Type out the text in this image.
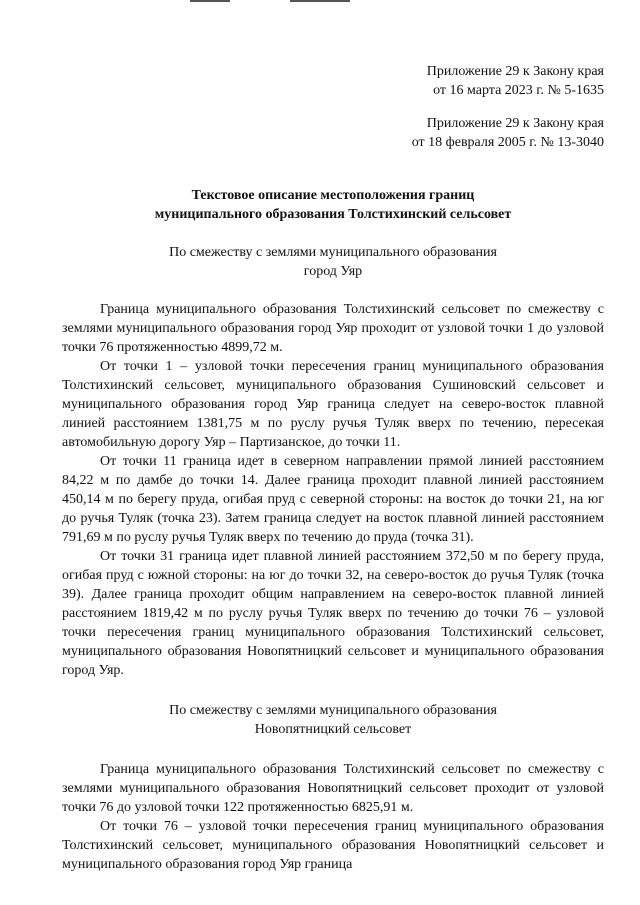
Приложение 29 к Закону края
от 16 марта 2023 г. № 5-1635
Приложение 29 к Закону края
от 18 февраля 2005 г. № 13-3040
Текстовое описание местоположения границ
муниципального образования Толстихинский сельсовет
По смежеству с землями муниципального образования
город Уяр

Граница муниципального образования Толстихинский сельсовет по смежеству с землями муниципального образования город Уяр проходит от узловой точки 1 до узловой точки 76 протяженностью 4899,72 м.

От точки 1 – узловой точки пересечения границ муниципального образования Толстихинский сельсовет, муниципального образования Сушиновский сельсовет и муниципального образования город Уяр граница следует на северо-восток плавной линией расстоянием 1381,75 м по руслу ручья Туляк вверх по течению, пересекая автомобильную дорогу Уяр – Партизанское, до точки 11.

От точки 11 граница идет в северном направлении прямой линией расстоянием 84,22 м по дамбе до точки 14. Далее граница проходит плавной линией расстоянием 450,14 м по берегу пруда, огибая пруд с северной стороны: на восток до точки 21, на юг до ручья Туляк (точка 23). Затем граница следует на восток плавной линией расстоянием 791,69 м по руслу ручья Туляк вверх по течению до пруда (точка 31).

От точки 31 граница идет плавной линией расстоянием 372,50 м по берегу пруда, огибая пруд с южной стороны: на юг до точки 32, на северо-восток до ручья Туляк (точка 39). Далее граница проходит общим направлением на северо-восток плавной линией расстоянием 1819,42 м по руслу ручья Туляк вверх по течению до точки 76 – узловой точки пересечения границ муниципального образования Толстихинский сельсовет, муниципального образования Новопятницкий сельсовет и муниципального образования город Уяр.

По смежеству с землями муниципального образования
Новопятницкий сельсовет

Граница муниципального образования Толстихинский сельсовет по смежеству с землями муниципального образования Новопятницкий сельсовет проходит от узловой точки 76 до узловой точки 122 протяженностью 6825,91 м.

От точки 76 – узловой точки пересечения границ муниципального образования Толстихинский сельсовет, муниципального образования Новопятницкий сельсовет и муниципального образования город Уяр граница
